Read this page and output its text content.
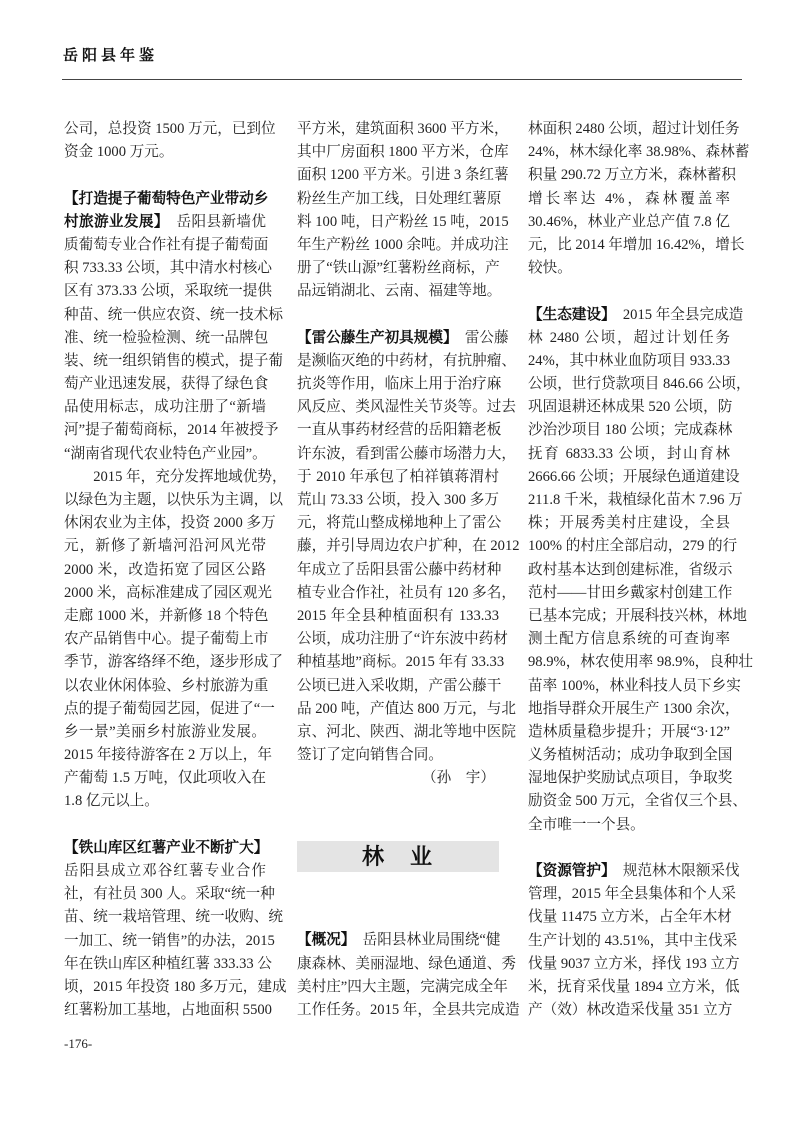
岳阳县年鉴
公司，总投资 1500 万元，已到位
资金 1000 万元。
【打造提子葡萄特色产业带动乡
村旅游业发展】　岳阳县新墙优
质葡萄专业合作社有提子葡萄面
积 733.33 公顷，其中清水村核心
区有 373.33 公顷，采取统一提供
种苗、统一供应农资、统一技术标
准、统一检验检测、统一品牌包
装、统一组织销售的模式，提子葡
萄产业迅速发展，获得了绿色食
品使用标志，成功注册了“新墙
河”提子葡萄商标，2014 年被授予
“湖南省现代农业特色产业园”。
2015 年，充分发挥地域优势，
以绿色为主题，以快乐为主调，以
休闲农业为主体，投资 2000 多万
元，新修了新墙河沿河风光带
2000 米，改造拓宽了园区公路
2000 米，高标准建成了园区观光
走廊 1000 米，并新修 18 个特色
农产品销售中心。提子葡萄上市
季节，游客络绎不绝，逐步形成了
以农业休闲体验、乡村旅游为重
点的提子葡萄园艺园，促进了“一
乡一景”美丽乡村旅游业发展。
2015 年接待游客在 2 万以上，年
产葡萄 1.5 万吨，仅此项收入在
1.8 亿元以上。
【铁山库区红薯产业不断扩大】
岳阳县成立邓谷红薯专业合作
社，有社员 300 人。采取“统一种
苗、统一栽培管理、统一收购、统
一加工、统一销售”的办法，2015
年在铁山库区种植红薯 333.33 公
顷，2015 年投资 180 多万元，建成
红薯粉加工基地，占地面积 5500
平方米，建筑面积 3600 平方米，
其中厂房面积 1800 平方米，仓库
面积 1200 平方米。引进 3 条红薯
粉丝生产加工线，日处理红薯原
料 100 吨，日产粉丝 15 吨，2015
年生产粉丝 1000 余吨。并成功注
册了“铁山源”红薯粉丝商标，产
品远销湖北、云南、福建等地。
【雷公藤生产初具规模】　雷公藤
是濒临灭绝的中药材，有抗肿瘤、
抗炎等作用，临床上用于治疗麻
风反应、类风湿性关节炎等。过去
一直从事药材经营的岳阳籍老板
许东波，看到雷公藤市场潜力大，
于 2010 年承包了柏祥镇蒋渭村
荒山 73.33 公顷，投入 300 多万
元，将荒山整成梯地种上了雷公
藤，并引导周边农户扩种，在 2012
年成立了岳阳县雷公藤中药材种
植专业合作社，社员有 120 多名，
2015 年全县种植面积有 133.33
公顷，成功注册了“许东波中药材
种植基地”商标。2015 年有 33.33
公顷已进入采收期，产雷公藤干
品 200 吨，产值达 800 万元，与北
京、河北、陕西、湖北等地中医院
签订了定向销售合同。
（孙　宇）
林　业
【概况】　岳阳县林业局围绕“健
康森林、美丽湿地、绿色通道、秀
美村庄”四大主题，完满完成全年
工作任务。2015 年，全县共完成造
林面积 2480 公顷，超过计划任务
24%，林木绿化率 38.98%、森林蓄
积量 290.72 万立方米，森林蓄积
增长率达 4%，森林覆盖率
30.46%，林业产业总产值 7.8 亿
元，比 2014 年增加 16.42%，增长
较快。
【生态建设】　2015 年全县完成造
林 2480 公顷，超过计划任务
24%，其中林业血防项目 933.33
公顷，世行贷款项目 846.66 公顷，
巩固退耕还林成果 520 公顷，防
沙治沙项目 180 公顷；完成森林
抚育 6833.33 公顷，封山育林
2666.66 公顷；开展绿色通道建设
211.8 千米，栽植绿化苗木 7.96 万
株；开展秀美村庄建设，全县
100% 的村庄全部启动，279 的行
政村基本达到创建标准，省级示
范村——甘田乡戴家村创建工作
已基本完成；开展科技兴林，林地
测土配方信息系统的可查询率
98.9%，林农使用率 98.9%，良种壮
苗率 100%，林业科技人员下乡实
地指导群众开展生产 1300 余次，
造林质量稳步提升；开展“3·12”
义务植树活动；成功争取到全国
湿地保护奖励试点项目，争取奖
励资金 500 万元，全省仅三个县、
全市唯一一个县。
【资源管护】　规范林木限额采伐
管理，2015 年全县集体和个人采
伐量 11475 立方米，占全年木材
生产计划的 43.51%，其中主伐采
伐量 9037 立方米，择伐 193 立方
米，抚育采伐量 1894 立方米，低
产（效）林改造采伐量 351 立方
-176-
